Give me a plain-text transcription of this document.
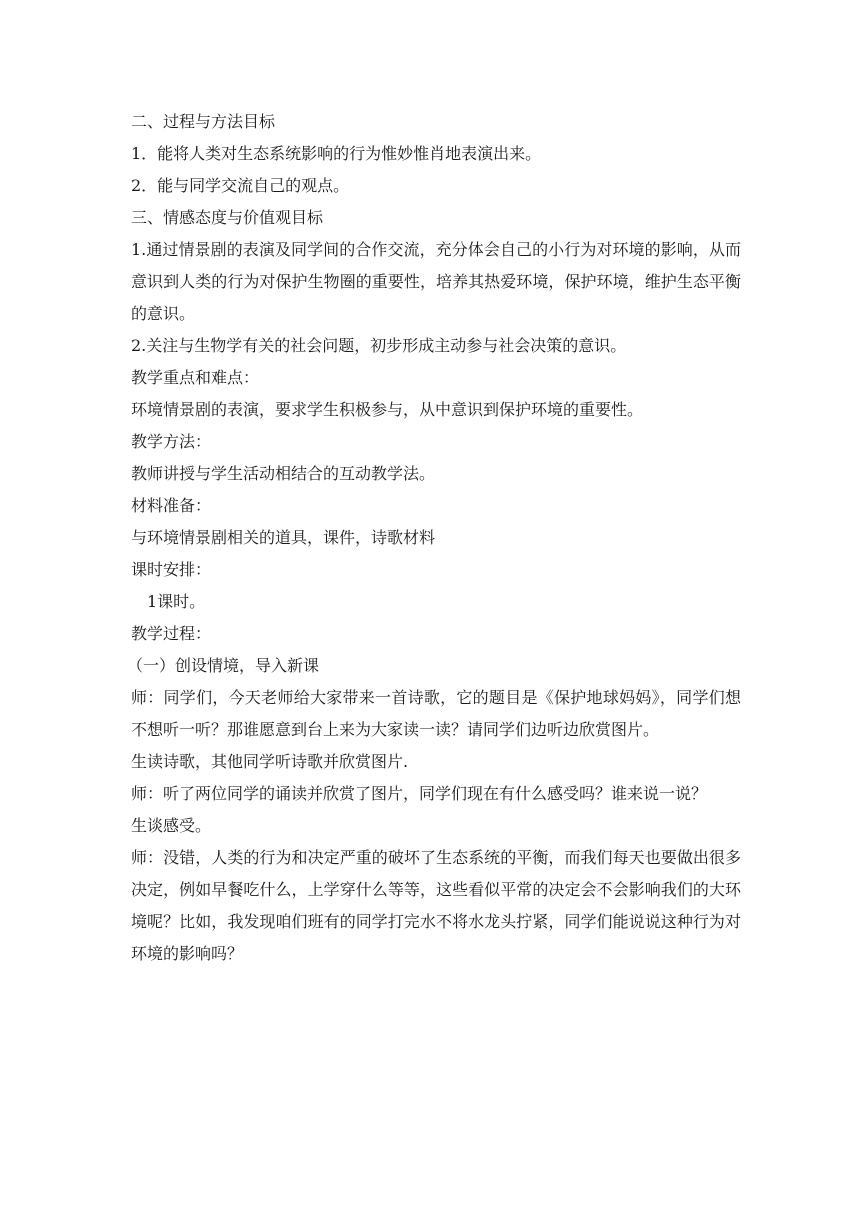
二、过程与方法目标

1．能将人类对生态系统影响的行为惟妙惟肖地表演出来。

2．能与同学交流自己的观点。

三、情感态度与价值观目标

1.通过情景剧的表演及同学间的合作交流，充分体会自己的小行为对环境的影响，从而意识到人类的行为对保护生物圈的重要性，培养其热爱环境，保护环境，维护生态平衡的意识。

2.关注与生物学有关的社会问题，初步形成主动参与社会决策的意识。

教学重点和难点：

环境情景剧的表演，要求学生积极参与，从中意识到保护环境的重要性。

教学方法：

教师讲授与学生活动相结合的互动教学法。

材料准备：

与环境情景剧相关的道具，课件，诗歌材料

课时安排：

1课时。

教学过程：

（一）创设情境，导入新课

师：同学们，今天老师给大家带来一首诗歌，它的题目是《保护地球妈妈》，同学们想不想听一听？那谁愿意到台上来为大家读一读？请同学们边听边欣赏图片。

生读诗歌，其他同学听诗歌并欣赏图片.

师：听了两位同学的诵读并欣赏了图片，同学们现在有什么感受吗？谁来说一说？

生谈感受。

师：没错，人类的行为和决定严重的破坏了生态系统的平衡，而我们每天也要做出很多决定，例如早餐吃什么，上学穿什么等等，这些看似平常的决定会不会影响我们的大环境呢？比如，我发现咱们班有的同学打完水不将水龙头拧紧，同学们能说说这种行为对环境的影响吗？
